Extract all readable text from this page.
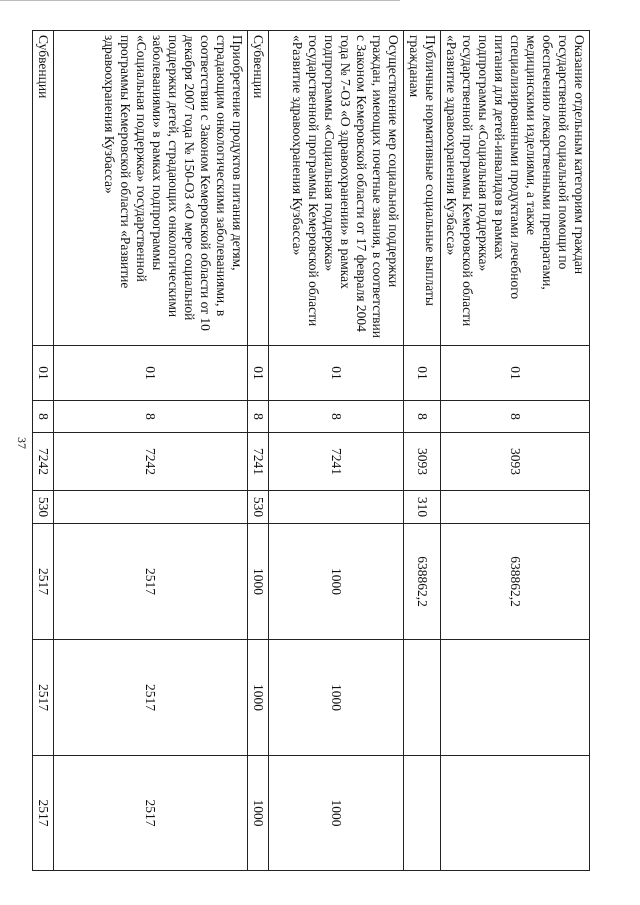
37
Оказание отдельным категориям граждан государственной социальной помощи по обеспечению лекарственными препаратами, медицинскими изделиями, а также специализированными продуктами лечебного питания для детей-инвалидов в рамках подпрограммы «Социальная поддержка» государственной программы Кемеровской области «Развитие здравоохранения Кузбасса»	01	8	3093		638862,2		
Публичные нормативные социальные выплаты гражданам	01	8	3093	310	638862,2		
Осуществление мер социальной поддержки граждан, имеющих почетные звания, в соответствии с Законом Кемеровской области от 17 февраля 2004 года № 7-ОЗ «О здравоохранении» в рамках подпрограммы «Социальная поддержка» государственной программы Кемеровской области «Развитие здравоохранения Кузбасса»	01	8	7241		1000	1000	1000
Субвенции	01	8	7241	530	1000	1000	1000
Приобретение продуктов питания детям, страдающим онкологическими заболеваниями, в соответствии с Законом Кемеровской области от 10 декабря 2007 года № 150-ОЗ «О мере социальной поддержки детей, страдающих онкологическими заболеваниями» в рамках подпрограммы «Социальная поддержка» государственной программы Кемеровской области «Развитие здравоохранения Кузбасса»	01	8	7242		2517	2517	2517
Субвенции	01	8	7242	530	2517	2517	2517
